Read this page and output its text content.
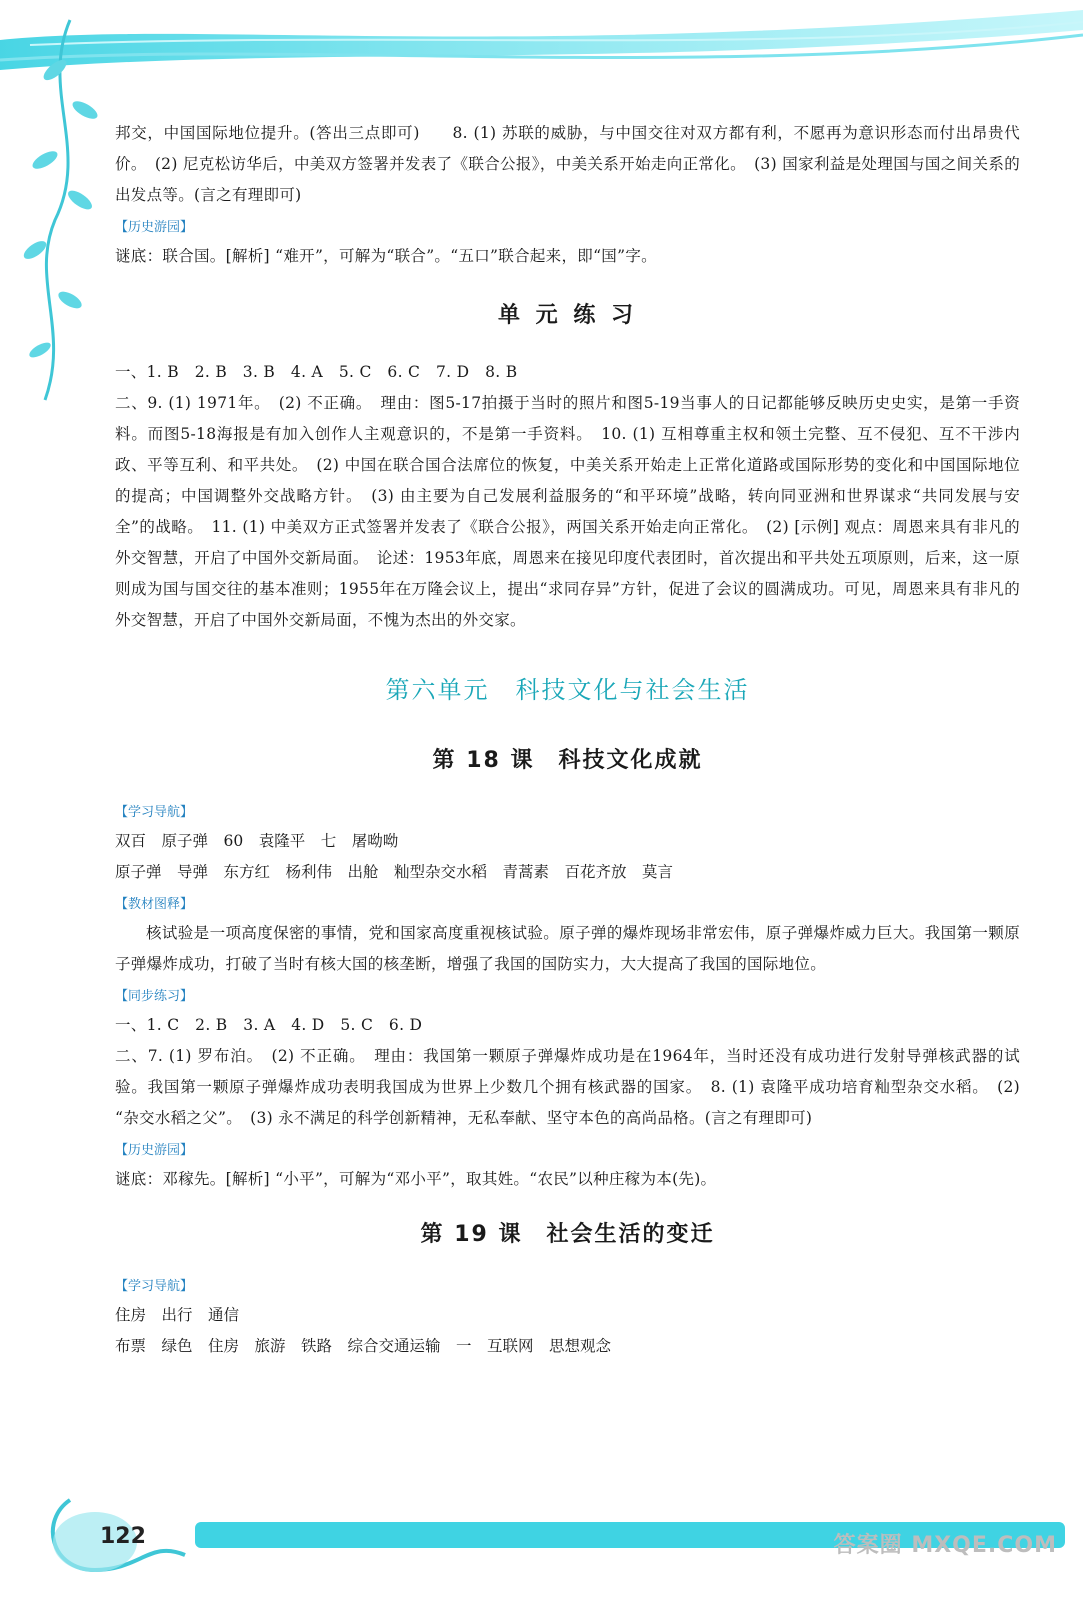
122	答案圈 MXQE.COM

邦交，中国国际地位提升。(答出三点即可)　　8. (1) 苏联的威胁，与中国交往对双方都有利，不愿再为意识形态而付出昂贵代价。　(2) 尼克松访华后，中美双方签署并发表了《联合公报》，中美关系开始走向正常化。　(3) 国家利益是处理国与国之间关系的出发点等。(言之有理即可)

【历史游园】

谜底：联合国。[解析] “难开”，可解为“联合”。“五口”联合起来，即“国”字。

单 元 练 习

一、1. B　2. B　3. B　4. A　5. C　6. C　7. D　8. B

二、9. (1) 1971年。　(2) 不正确。　理由：图5-17拍摄于当时的照片和图5-19当事人的日记都能够反映历史史实，是第一手资料。而图5-18海报是有加入创作人主观意识的，不是第一手资料。　10. (1) 互相尊重主权和领土完整、互不侵犯、互不干涉内政、平等互利、和平共处。　(2) 中国在联合国合法席位的恢复，中美关系开始走上正常化道路或国际形势的变化和中国国际地位的提高；中国调整外交战略方针。　(3) 由主要为自己发展利益服务的“和平环境”战略，转向同亚洲和世界谋求“共同发展与安全”的战略。　11. (1) 中美双方正式签署并发表了《联合公报》，两国关系开始走向正常化。　(2) [示例] 观点：周恩来具有非凡的外交智慧，开启了中国外交新局面。　论述：1953年底，周恩来在接见印度代表团时，首次提出和平共处五项原则，后来，这一原则成为国与国交往的基本准则；1955年在万隆会议上，提出“求同存异”方针，促进了会议的圆满成功。可见，周恩来具有非凡的外交智慧，开启了中国外交新局面，不愧为杰出的外交家。

第六单元　科技文化与社会生活
第 18 课　科技文化成就
【学习导航】

双百　原子弹　60　袁隆平　七　屠呦呦

原子弹　导弹　东方红　杨利伟　出舱　籼型杂交水稻　青蒿素　百花齐放　莫言

【教材图释】

核试验是一项高度保密的事情，党和国家高度重视核试验。原子弹的爆炸现场非常宏伟，原子弹爆炸威力巨大。我国第一颗原子弹爆炸成功，打破了当时有核大国的核垄断，增强了我国的国防实力，大大提高了我国的国际地位。

【同步练习】

一、1. C　2. B　3. A　4. D　5. C　6. D

二、7. (1) 罗布泊。　(2) 不正确。　理由：我国第一颗原子弹爆炸成功是在1964年，当时还没有成功进行发射导弹核武器的试验。我国第一颗原子弹爆炸成功表明我国成为世界上少数几个拥有核武器的国家。　8. (1) 袁隆平成功培育籼型杂交水稻。　(2) “杂交水稻之父”。　(3) 永不满足的科学创新精神，无私奉献、坚守本色的高尚品格。(言之有理即可)

【历史游园】

谜底：邓稼先。[解析] “小平”，可解为“邓小平”，取其姓。“农民”以种庄稼为本(先)。

第 19 课　社会生活的变迁
【学习导航】

住房　出行　通信

布票　绿色　住房　旅游　铁路　综合交通运输　一　互联网　思想观念
